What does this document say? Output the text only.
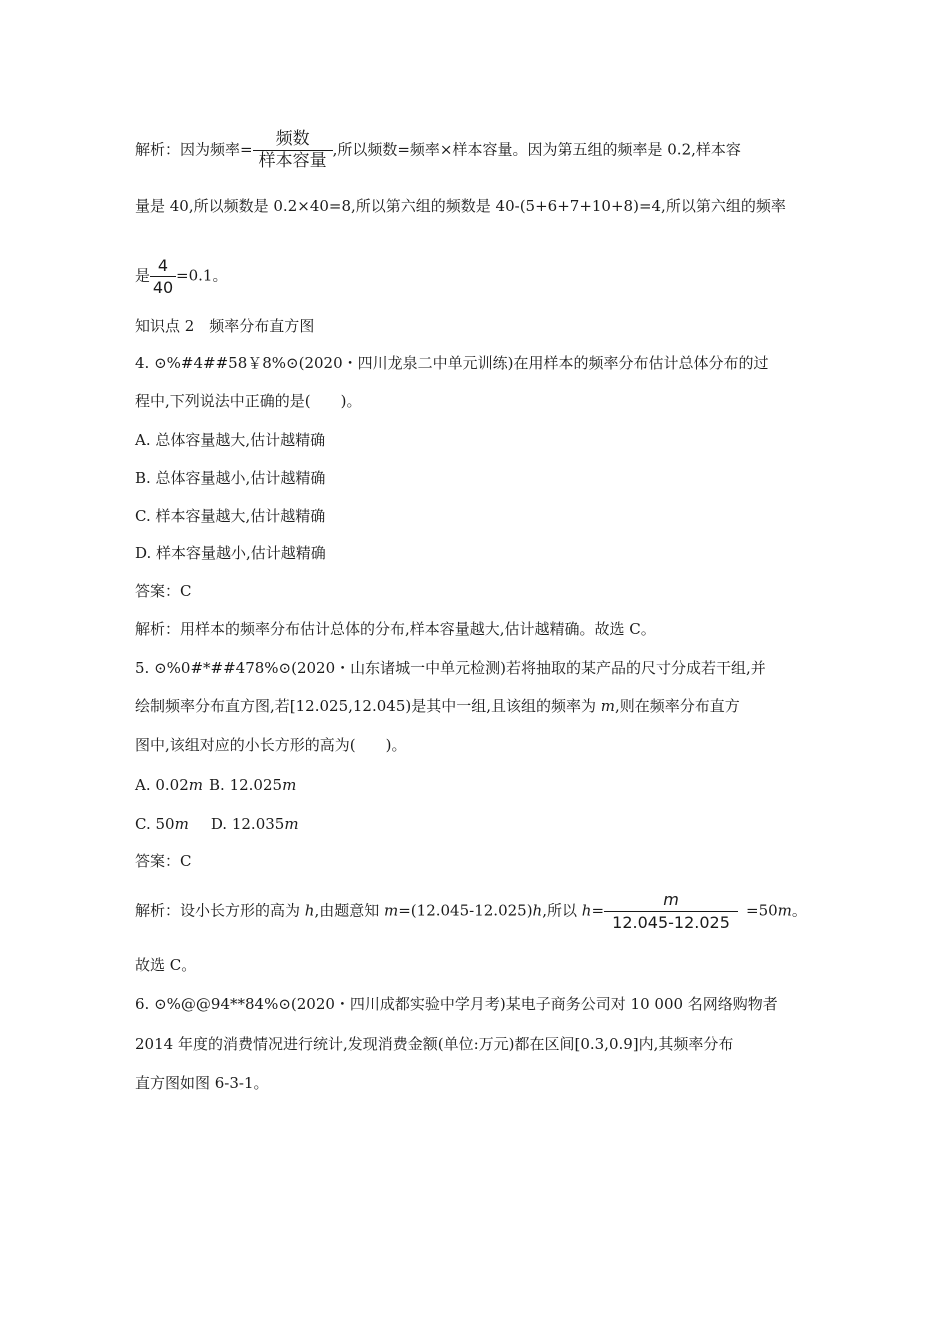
解析：因为频率= $\frac{\text{频数}}{\text{样本容量}}$ ,所以频数=频率×样本容量。因为第五组的频率是 0.2,样本容
量是 40,所以频数是 0.2×40=8,所以第六组的频数是 40-(5+6+7+10+8)=4,所以第六组的频率
是 $\frac{4}{40} =0.1$。
知识点 2　频率分布直方图
4. ⊙%#4##58￥8%⊙(2020・四川龙泉二中单元训练)在用样本的频率分布估计总体分布的过
程中,下列说法中正确的是(　　)。
A. 总体容量越大,估计越精确
B. 总体容量越小,估计越精确
C. 样本容量越大,估计越精确
D. 样本容量越小,估计越精确
答案：C
解析：用样本的频率分布估计总体的分布,样本容量越大,估计越精确。故选 C。
5. ⊙%0#*##478%⊙(2020・山东诸城一中单元检测)若将抽取的某产品的尺寸分成若干组,并
绘制频率分布直方图,若[12.025,12.045)是其中一组,且该组的频率为 m,则在频率分布直方
图中,该组对应的小长方形的高为(　　)。
A. 0.02m B. 12.025m
C. 50m D. 12.035m
答案：C
解析：设小长方形的高为 h,由题意知 m=(12.045-12.025)h,所以 $h= \frac{m}{12.045-12.025} =50m$。
故选 C。
6. ⊙%@@94**84%⊙(2020・四川成都实验中学月考)某电子商务公司对 10 000 名网络购物者
2014 年度的消费情况进行统计,发现消费金额(单位:万元)都在区间[0.3,0.9]内,其频率分布
直方图如图 6-3-1。
